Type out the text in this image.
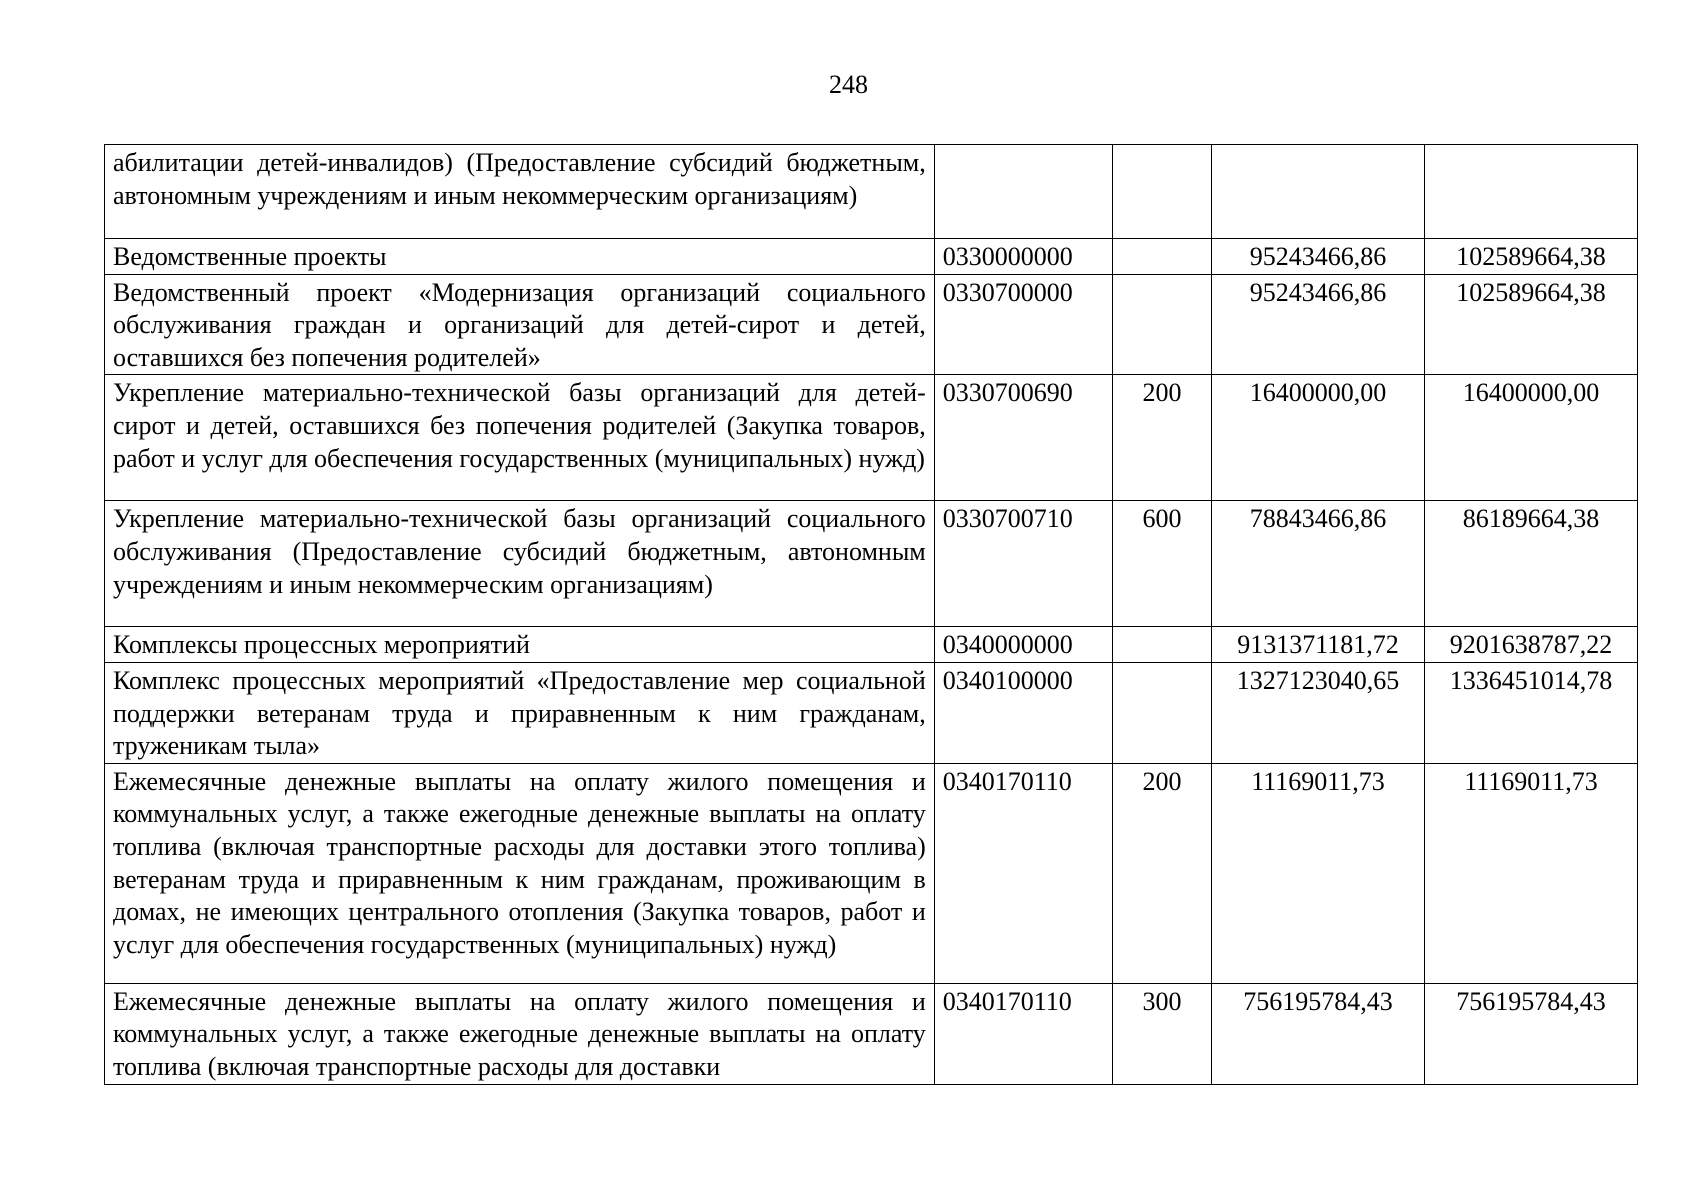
248
абилитации детей-инвалидов) (Предоставление субсидий бюджетным, автономным учреждениям и иным некоммерческим организациям)				
Ведомственные проекты	0330000000		95243466,86	102589664,38
Ведомственный проект «Модернизация организаций социального обслуживания граждан и организаций для детей-сирот и детей, оставшихся без попечения родителей»	0330700000		95243466,86	102589664,38
Укрепление материально-технической базы организаций для детей-сирот и детей, оставшихся без попечения родителей (Закупка товаров, работ и услуг для обеспечения государственных (муниципальных) нужд)	0330700690	200	16400000,00	16400000,00
Укрепление материально-технической базы организаций социального обслуживания (Предоставление субсидий бюджетным, автономным учреждениям и иным некоммерческим организациям)	0330700710	600	78843466,86	86189664,38
Комплексы процессных мероприятий	0340000000		9131371181,72	9201638787,22
Комплекс процессных мероприятий «Предоставление мер социальной поддержки ветеранам труда и приравненным к ним гражданам, труженикам тыла»	0340100000		1327123040,65	1336451014,78
Ежемесячные денежные выплаты на оплату жилого помещения и коммунальных услуг, а также ежегодные денежные выплаты на оплату топлива (включая транспортные расходы для доставки этого топлива) ветеранам труда и приравненным к ним гражданам, проживающим в домах, не имеющих центрального отопления (Закупка товаров, работ и услуг для обеспечения государственных (муниципальных) нужд)	0340170110	200	11169011,73	11169011,73
Ежемесячные денежные выплаты на оплату жилого помещения и коммунальных услуг, а также ежегодные денежные выплаты на оплату топлива (включая транспортные расходы для доставки	0340170110	300	756195784,43	756195784,43
